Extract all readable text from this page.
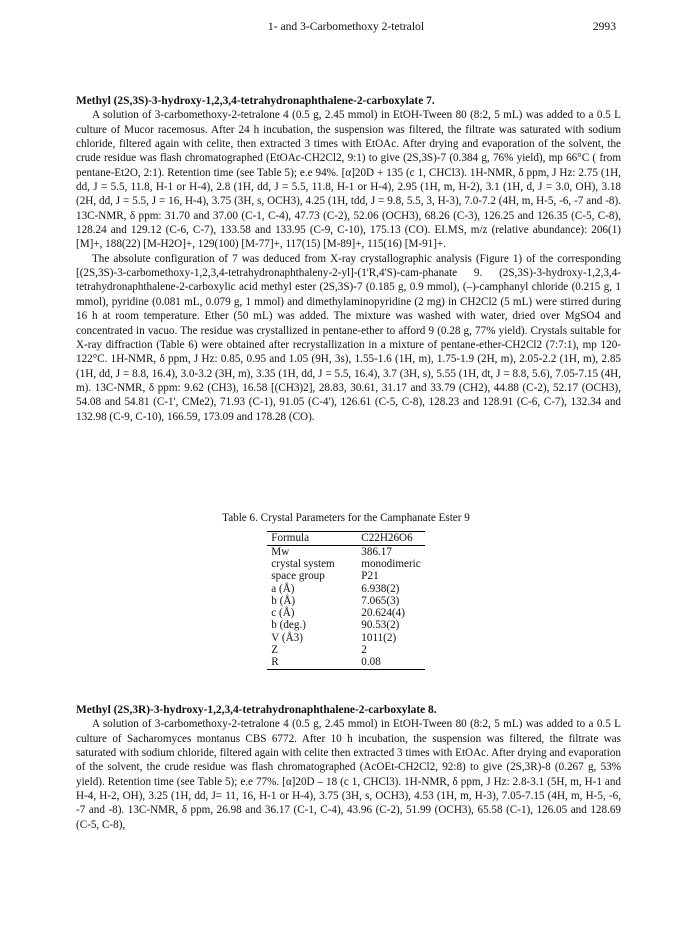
1- and 3-Carbomethoxy 2-tetralol	2993

Methyl (2S,3S)-3-hydroxy-1,2,3,4-tetrahydronaphthalene-2-carboxylate 7.

A solution of 3-carbomethoxy-2-tetralone 4 (0.5 g, 2.45 mmol) in EtOH-Tween 80 (8:2, 5 mL) was added to a 0.5 L culture of Mucor racemosus. After 24 h incubation, the suspension was filtered, the filtrate was saturated with sodium chloride, filtered again with celite, then extracted 3 times with EtOAc. After drying and evaporation of the solvent, the crude residue was flash chromatographed (EtOAc-CH2Cl2, 9:1) to give (2S,3S)-7 (0.384 g, 76% yield), mp 66°C ( from pentane-Et2O, 2:1). Retention time (see Table 5); e.e 94%. [α]20D + 135 (c 1, CHCl3). 1H-NMR, δ ppm, J Hz: 2.75 (1H, dd, J = 5.5, 11.8, H-1 or H-4), 2.8 (1H, dd, J = 5.5, 11.8, H-1 or H-4), 2.95 (1H, m, H-2), 3.1 (1H, d, J = 3.0, OH), 3.18 (2H, dd, J = 5.5, J = 16, H-4), 3.75 (3H, s, OCH3), 4.25 (1H, tdd, J = 9.8, 5.5, 3, H-3), 7.0-7.2 (4H, m, H-5, -6, -7 and -8). 13C-NMR, δ ppm: 31.70 and 37.00 (C-1, C-4), 47.73 (C-2), 52.06 (OCH3), 68.26 (C-3), 126.25 and 126.35 (C-5, C-8), 128.24 and 129.12 (C-6, C-7), 133.58 and 133.95 (C-9, C-10), 175.13 (CO). EI.MS, m/z (relative abundance): 206(1) [M]+, 188(22) [M-H2O]+, 129(100) [M-77]+, 117(15) [M-89]+, 115(16) [M-91]+.

The absolute configuration of 7 was deduced from X-ray crystallographic analysis (Figure 1) of the corresponding [(2S,3S)-3-carbomethoxy-1,2,3,4-tetrahydronaphthaleny-2-yl]-(1'R,4'S)-cam-phanate 9. (2S,3S)-3-hydroxy-1,2,3,4-tetrahydronaphthalene-2-carboxylic acid methyl ester (2S,3S)-7 (0.185 g, 0.9 mmol), (–)-camphanyl chloride (0.215 g, 1 mmol), pyridine (0.081 mL, 0.079 g, 1 mmol) and dimethylaminopyridine (2 mg) in CH2Cl2 (5 mL) were stirred during 16 h at room temperature. Ether (50 mL) was added. The mixture was washed with water, dried over MgSO4 and concentrated in vacuo. The residue was crystallized in pentane-ether to afford 9 (0.28 g, 77% yield). Crystals suitable for X-ray diffraction (Table 6) were obtained after recrystallization in a mixture of pentane-ether-CH2Cl2 (7:7:1), mp 120-122°C. 1H-NMR, δ ppm, J Hz: 0.85, 0.95 and 1.05 (9H, 3s), 1.55-1.6 (1H, m), 1.75-1.9 (2H, m), 2.05-2.2 (1H, m), 2.85 (1H, dd, J = 8.8, 16.4), 3.0-3.2 (3H, m), 3.35 (1H, dd, J = 5.5, 16.4), 3.7 (3H, s), 5.55 (1H, dt, J = 8.8, 5.6), 7.05-7.15 (4H, m). 13C-NMR, δ ppm: 9.62 (CH3), 16.58 [(CH3)2], 28.83, 30.61, 31.17 and 33.79 (CH2), 44.88 (C-2), 52.17 (OCH3), 54.08 and 54.81 (C-1', CMe2), 71.93 (C-1), 91.05 (C-4'), 126.61 (C-5, C-8), 128.23 and 128.91 (C-6, C-7), 132.34 and 132.98 (C-9, C-10), 166.59, 173.09 and 178.28 (CO).

Table 6. Crystal Parameters for the Camphanate Ester 9
Formula	C22H26O6
Mw	386.17
crystal system	monodimeric
space group	P21
a (Å)	6.938(2)
b (Å)	7.065(3)
c (Å)	20.624(4)
b (deg.)	90.53(2)
V (Å3)	1011(2)
Z	2
R	0.08

Methyl (2S,3R)-3-hydroxy-1,2,3,4-tetrahydronaphthalene-2-carboxylate 8.

A solution of 3-carbomethoxy-2-tetralone 4 (0.5 g, 2.45 mmol) in EtOH-Tween 80 (8:2, 5 mL) was added to a 0.5 L culture of Sacharomyces montanus CBS 6772. After 10 h incubation, the suspension was filtered, the filtrate was saturated with sodium chloride, filtered again with celite then extracted 3 times with EtOAc. After drying and evaporation of the solvent, the crude residue was flash chromatographed (AcOEt-CH2Cl2, 92:8) to give (2S,3R)-8 (0.267 g, 53% yield). Retention time (see Table 5); e.e 77%. [α]20D – 18 (c 1, CHCl3). 1H-NMR, δ ppm, J Hz: 2.8-3.1 (5H, m, H-1 and H-4, H-2, OH), 3.25 (1H, dd, J= 11, 16, H-1 or H-4), 3.75 (3H, s, OCH3), 4.53 (1H, m, H-3), 7.05-7.15 (4H, m, H-5, -6, -7 and -8). 13C-NMR, δ ppm, 26.98 and 36.17 (C-1, C-4), 43.96 (C-2), 51.99 (OCH3), 65.58 (C-1), 126.05 and 128.69 (C-5, C-8),
